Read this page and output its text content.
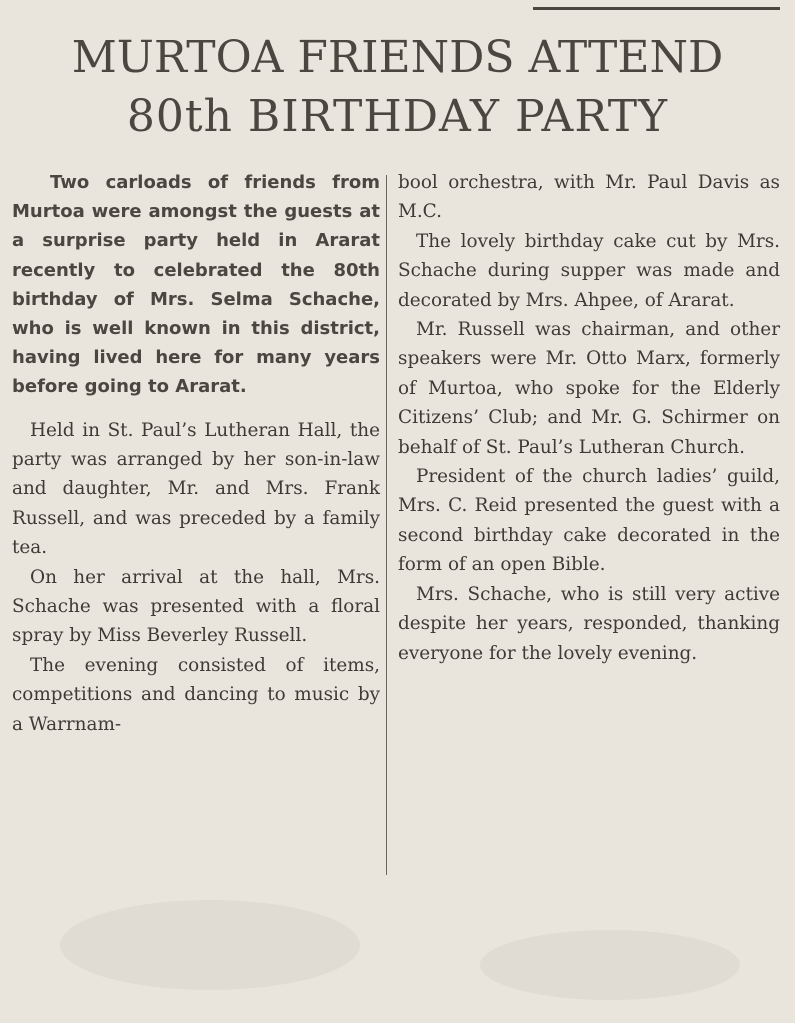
MURTOA FRIENDS ATTEND
80th BIRTHDAY PARTY

Two carloads of friends from Murtoa were amongst the guests at a surprise party held in Ararat recently to celebrated the 80th birthday of Mrs. Selma Schache, who is well known in this district, having lived here for many years before going to Ararat.

Held in St. Paul’s Lutheran Hall, the party was arranged by her son-in-law and daughter, Mr. and Mrs. Frank Russell, and was preceded by a family tea.

On her arrival at the hall, Mrs. Schache was presented with a floral spray by Miss Beverley Russell.

The evening consisted of items, competitions and dancing to music by a Warrnam-

bool orchestra, with Mr. Paul Davis as M.C.

The lovely birthday cake cut by Mrs. Schache during supper was made and decorated by Mrs. Ahpee, of Ararat.

Mr. Russell was chairman, and other speakers were Mr. Otto Marx, formerly of Murtoa, who spoke for the Elderly Citizens’ Club; and Mr. G. Schirmer on behalf of St. Paul’s Lutheran Church.

President of the church ladies’ guild, Mrs. C. Reid presented the guest with a second birthday cake decorated in the form of an open Bible.

Mrs. Schache, who is still very active despite her years, responded, thanking everyone for the lovely evening.
